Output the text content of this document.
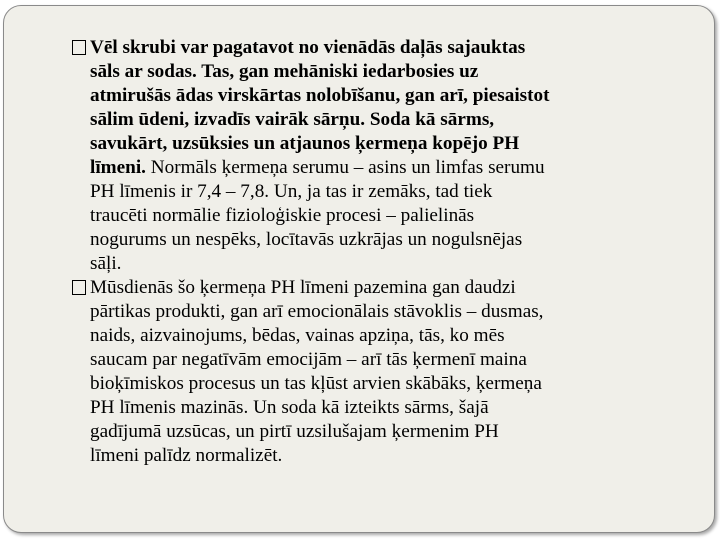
Vēl skrubi var pagatavot no vienādās daļās sajauktas
sāls ar sodas. Tas, gan mehāniski iedarbosies uz
atmirušās ādas virskārtas nolobīšanu, gan arī, piesaistot
sālim ūdeni, izvadīs vairāk sārņu. Soda kā sārms,
savukārt, uzsūksies un atjaunos ķermeņa kopējo PH
līmeni. Normāls ķermeņa serumu – asins un limfas serumu
PH līmenis ir 7,4 – 7,8. Un, ja tas ir zemāks, tad tiek
traucēti normālie fizioloģiskie procesi – palielinās
nogurums un nespēks, locītavās uzkrājas un nogulsnējas
sāļi.

Mūsdienās šo ķermeņa PH līmeni pazemina gan daudzi
pārtikas produkti, gan arī emocionālais stāvoklis – dusmas,
naids, aizvainojums, bēdas, vainas apziņa, tās, ko mēs
saucam par negatīvām emocijām – arī tās ķermenī maina
bioķīmiskos procesus un tas kļūst arvien skābāks, ķermeņa
PH līmenis mazinās. Un soda kā izteikts sārms, šajā
gadījumā uzsūcas, un pirtī uzsilušajam ķermenim PH
līmeni palīdz normalizēt.
